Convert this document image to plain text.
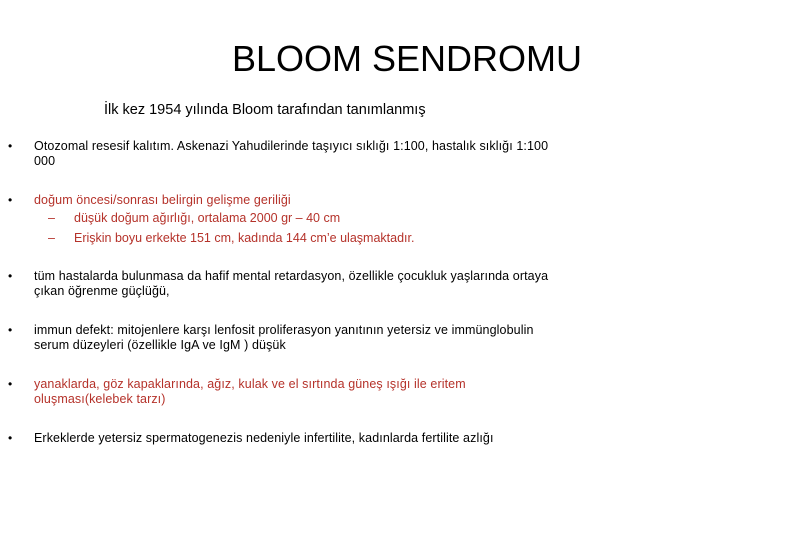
BLOOM SENDROMU
İlk kez 1954 yılında Bloom tarafından tanımlanmış
•	Otozomal resesif kalıtım. Askenazi Yahudilerinde taşıyıcı sıklığı 1:100, hastalık sıklığı 1:100 000
•	doğum öncesi/sonrası belirgin gelişme geriliği
– düşük doğum ağırlığı, ortalama 2000 gr – 40 cm
– Erişkin boyu erkekte 151 cm, kadında 144 cm’e ulaşmaktadır.
•	tüm hastalarda bulunmasa da hafif mental retardasyon, özellikle çocukluk yaşlarında ortaya çıkan öğrenme güçlüğü,
•	immun defekt: mitojenlere karşı lenfosit proliferasyon yanıtının yetersiz ve immünglobulin serum düzeyleri (özellikle IgA ve IgM ) düşük
•	yanaklarda, göz kapaklarında, ağız, kulak ve el sırtında güneş ışığı ile eritem oluşması(kelebek tarzı)
•	Erkeklerde yetersiz spermatogenezis nedeniyle infertilite, kadınlarda fertilite azlığı
